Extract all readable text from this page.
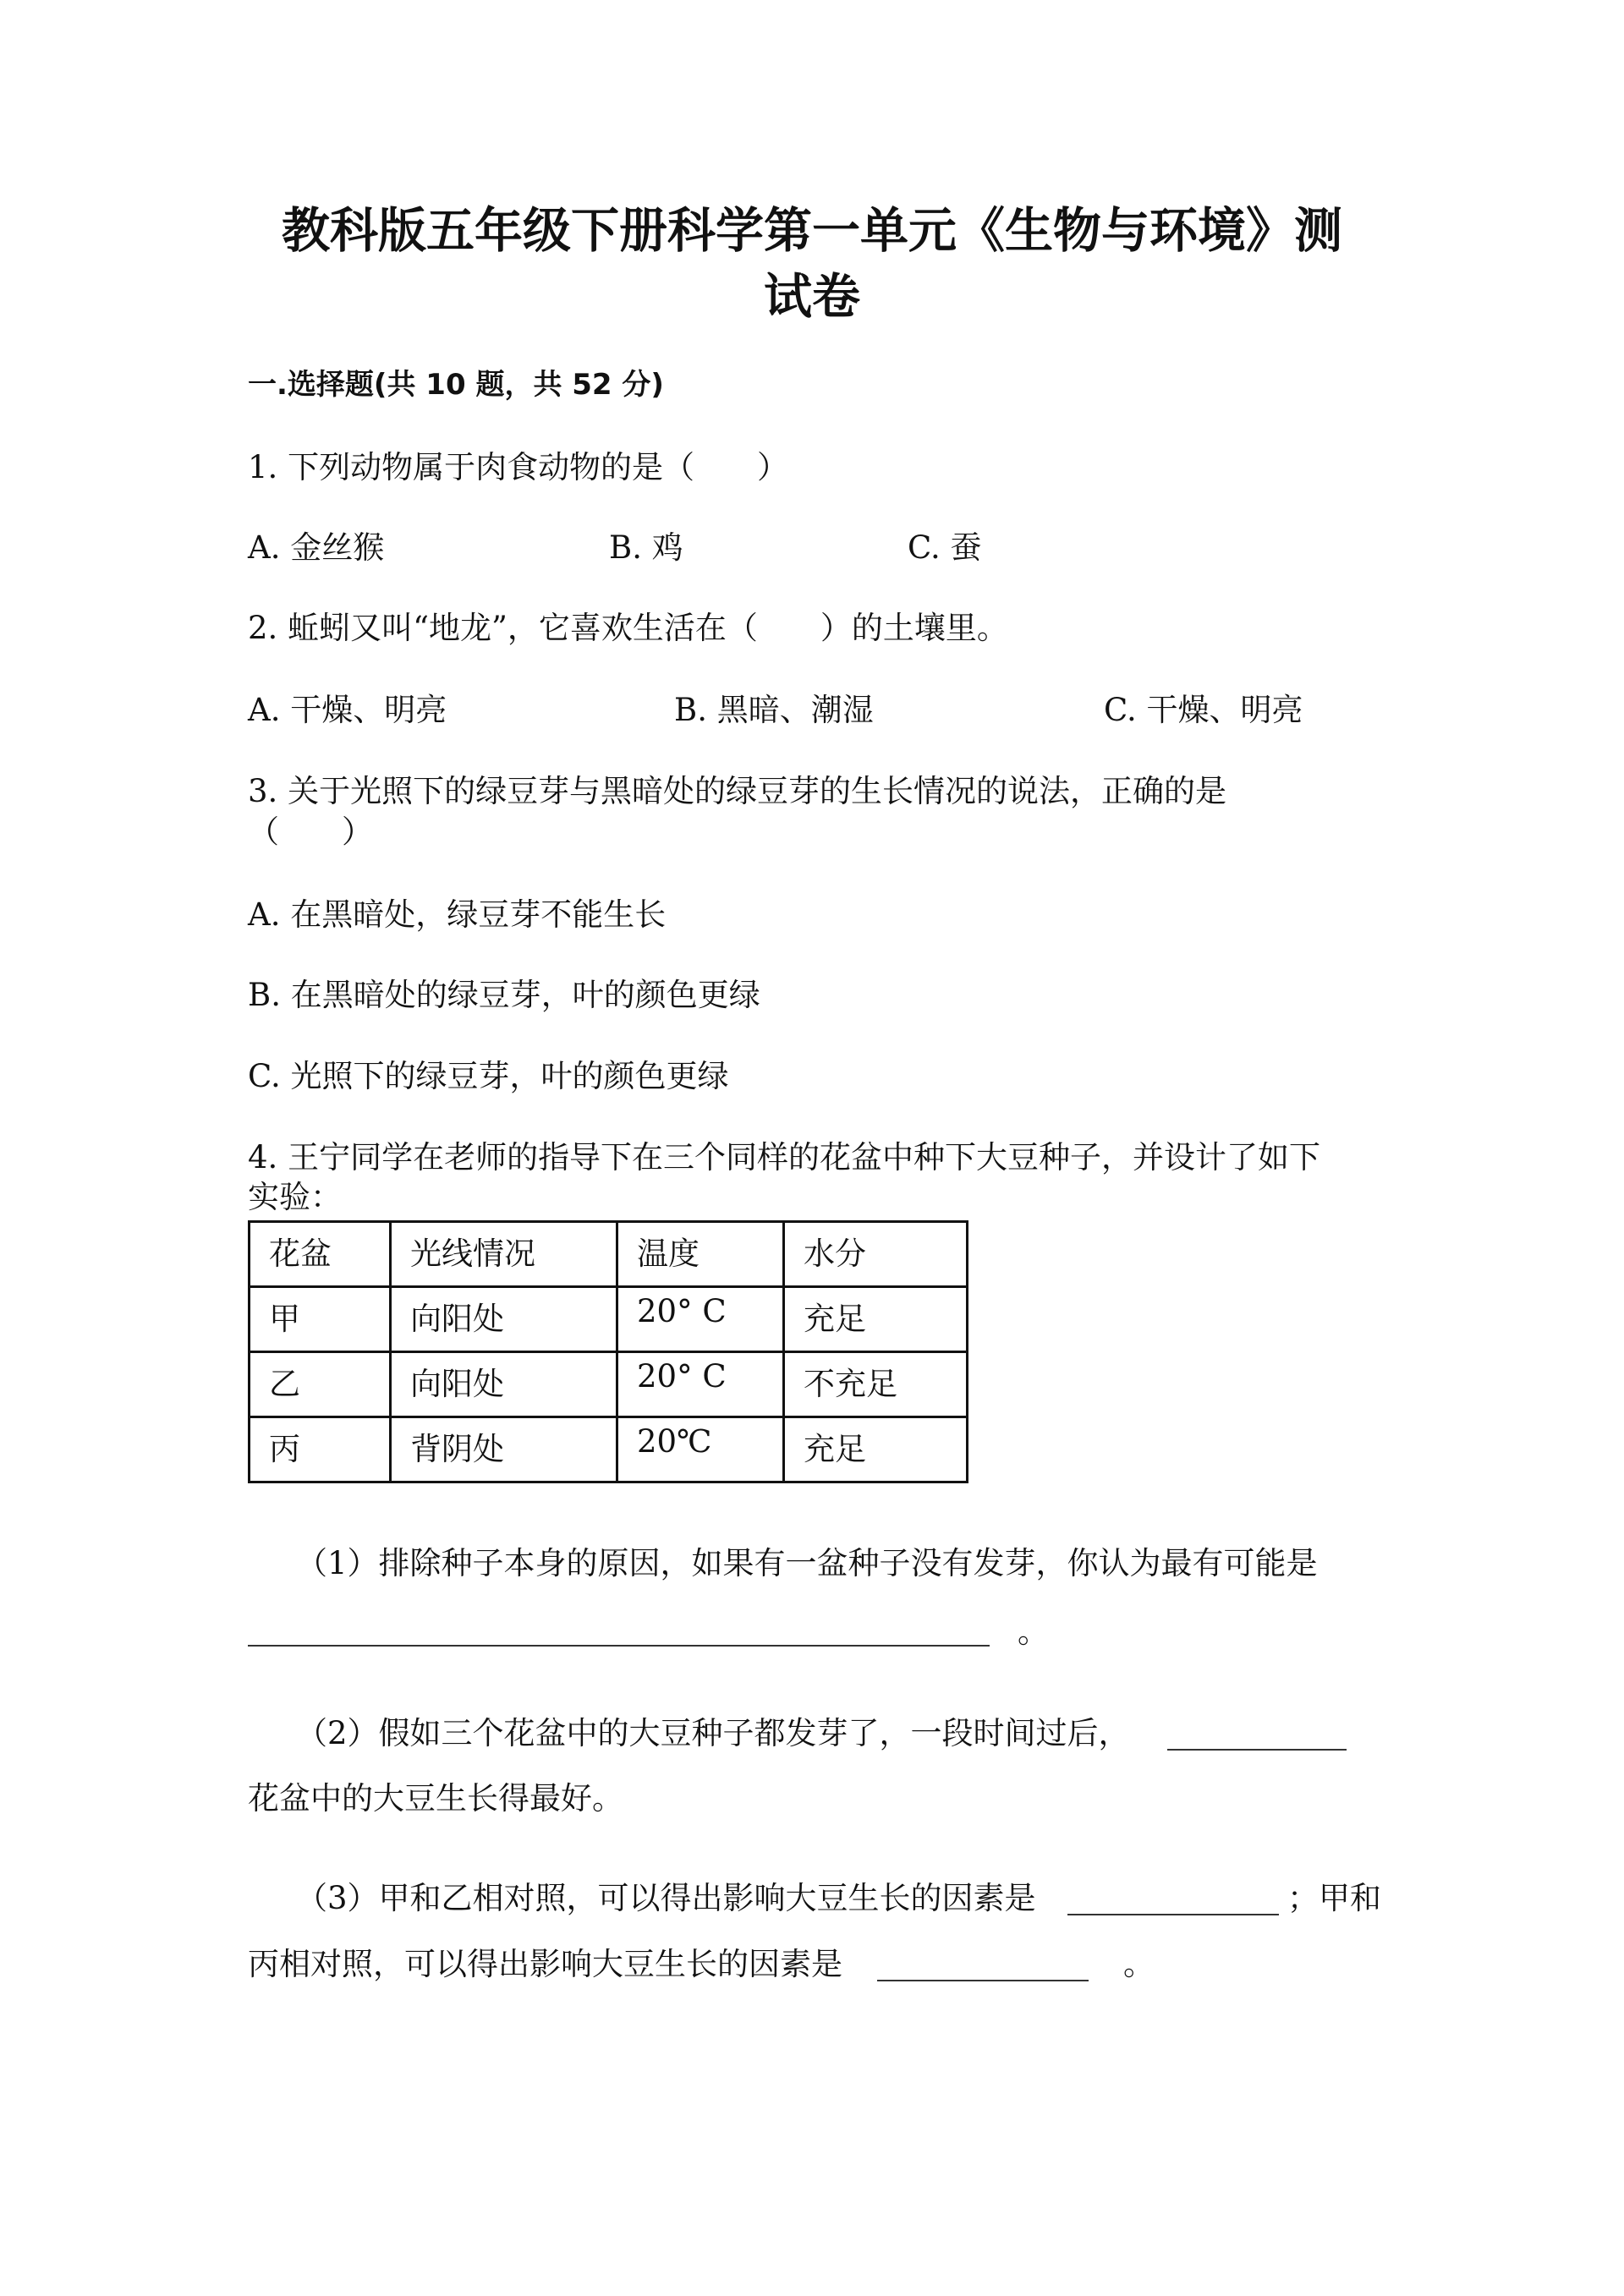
教科版五年级下册科学第一单元《生物与环境》测
试卷
一.选择题(共 10 题，共 52 分)
1. 下列动物属于肉食动物的是（　　）
A. 金丝猴	B. 鸡	C. 蚕
2. 蚯蚓又叫“地龙”，它喜欢生活在（　　）的土壤里。
A. 干燥、明亮	B. 黑暗、潮湿	C. 干燥、明亮
3. 关于光照下的绿豆芽与黑暗处的绿豆芽的生长情况的说法，正确的是
（　　）
A. 在黑暗处，绿豆芽不能生长
B. 在黑暗处的绿豆芽，叶的颜色更绿
C. 光照下的绿豆芽，叶的颜色更绿
4. 王宁同学在老师的指导下在三个同样的花盆中种下大豆种子，并设计了如下
实验：
花盆	光线情况	温度	水分
甲	向阳处	20° C	充足
乙	向阳处	20° C	不充足
丙	背阴处	20℃	充足
（1）排除种子本身的原因，如果有一盆种子没有发芽，你认为最有可能是
。
（2）假如三个花盆中的大豆种子都发芽了，一段时间过后，
花盆中的大豆生长得最好。
（3）甲和乙相对照，可以得出影响大豆生长的因素是	；甲和
丙相对照，可以得出影响大豆生长的因素是	。
